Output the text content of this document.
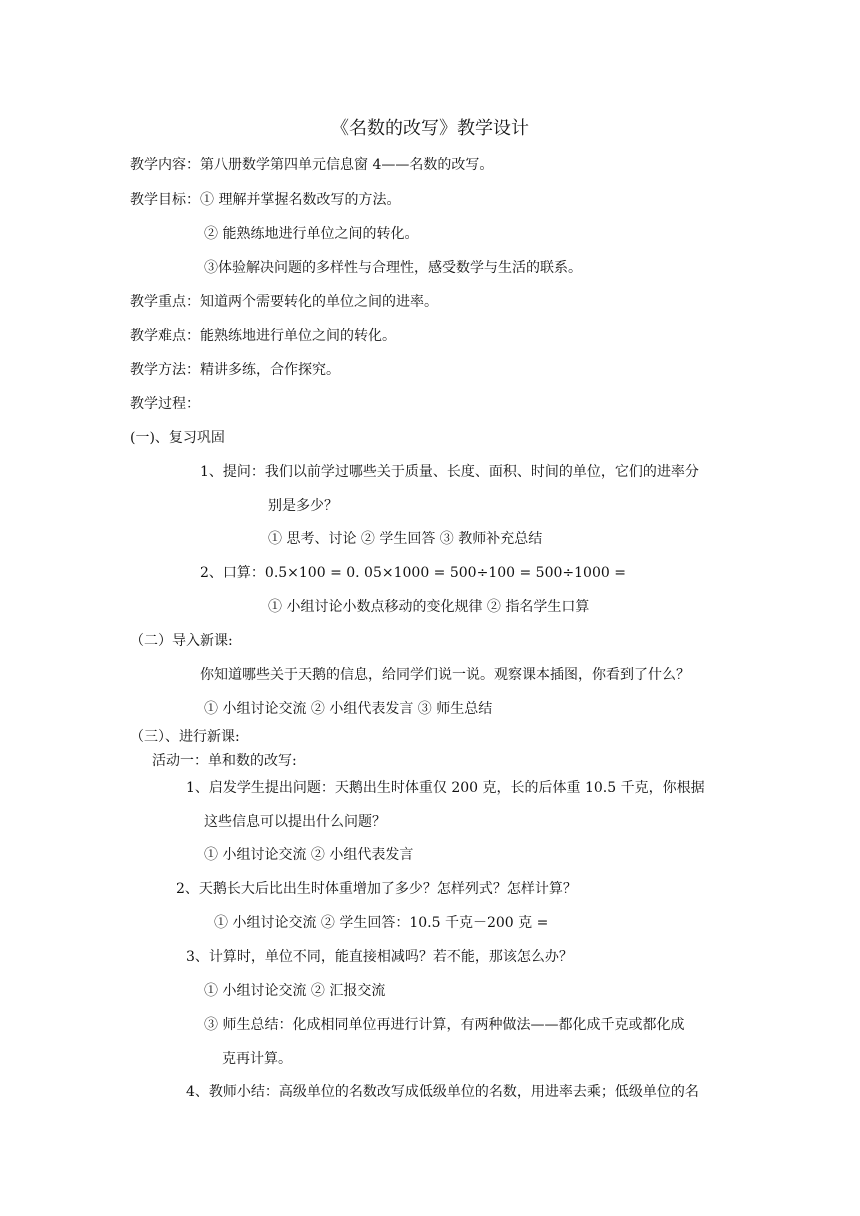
《名数的改写》教学设计
教学内容：第八册数学第四单元信息窗 4——名数的改写。
教学目标：① 理解并掌握名数改写的方法。
② 能熟练地进行单位之间的转化。
③体验解决问题的多样性与合理性，感受数学与生活的联系。
教学重点：知道两个需要转化的单位之间的进率。
教学难点：能熟练地进行单位之间的转化。
教学方法：精讲多练，合作探究。
教学过程：
(一)、复习巩固
1、提问：我们以前学过哪些关于质量、长度、面积、时间的单位，它们的进率分
别是多少？
① 思考、讨论 ② 学生回答 ③ 教师补充总结
2、口算：0.5×100 = 0. 05×1000 = 500÷100 = 500÷1000 =
① 小组讨论小数点移动的变化规律 ② 指名学生口算
（二）导入新课:
你知道哪些关于天鹅的信息，给同学们说一说。观察课本插图，你看到了什么？
① 小组讨论交流 ② 小组代表发言 ③ 师生总结
（三）、进行新课:
活动一：单和数的改写:
1、启发学生提出问题：天鹅出生时体重仅 200 克，长的后体重 10.5 千克，你根据
这些信息可以提出什么问题？
① 小组讨论交流 ② 小组代表发言
2、天鹅长大后比出生时体重增加了多少？怎样列式？怎样计算？
① 小组讨论交流 ② 学生回答：10.5 千克－200 克 =
3、计算时，单位不同，能直接相减吗？若不能，那该怎么办？
① 小组讨论交流 ② 汇报交流
③ 师生总结：化成相同单位再进行计算，有两种做法——都化成千克或都化成
克再计算。
4、教师小结：高级单位的名数改写成低级单位的名数，用进率去乘；低级单位的名
